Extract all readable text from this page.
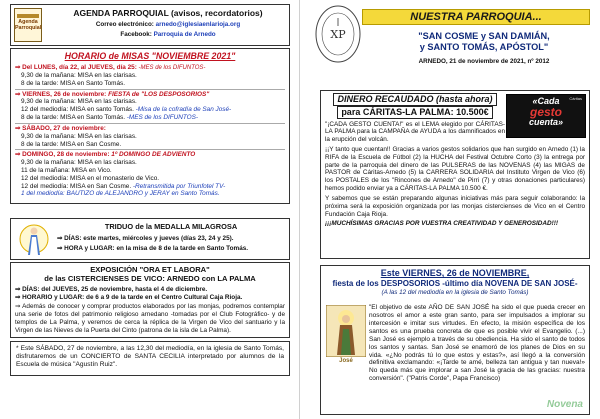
Agenda
Parroquial
AGENDA PARROQUIAL (avisos, recordatorios)
Correo electrónico: arnedo@iglesiaenlarioja.org
Facebook: Parroquia de Arnedo
HORARIO de MISAS "NOVIEMBRE 2021"
⇒ Del LUNES, día 22, al JUEVES, día 25: -MES de los DIFUNTOS-
9,30 de la mañana: MISA en las clarisas.
8 de la tarde: MISA en Santo Tomás.
⇒ VIERNES, 26 de noviembre: FIESTA de "LOS DESPOSORIOS"
9,30 de la mañana: MISA en las clarisas.
12 del mediodía: MISA en santo Tomás. -Misa de la cofradía de San José-
8 de la tarde: MISA en Santo Tomás. -MES de los DIFUNTOS-
⇒ SÁBADO, 27 de noviembre:
9,30 de la mañana: MISA en las clarisas.
8 de la tarde: MISA en San Cosme.
⇒ DOMINGO, 28 de noviembre: 1º DOMINGO DE ADVIENTO
9,30 de la mañana: MISA en las clarisas.
11 de la mañana: MISA en Vico.
12 del mediodía: MISA en el monasterio de Vico.
12 del mediodía: MISA en San Cosme. -Retransmitida por Triunfotel TV-
1 del mediodía: BAUTIZO de ALEJANDRO y JERAY en Santo Tomás.
TRIDUO de la MEDALLA MILAGROSA
⇒ DÍAS: este martes, miércoles y jueves (días 23, 24 y 25).
⇒ HORA y LUGAR: en la misa de 8 de la tarde en Santo Tomás.
EXPOSICIÓN "ORA ET LABORA"
de las CISTERCIENSES DE VICO: ARNEDO con LA PALMA

⇒ DÍAS: del JUEVES, 25 de noviembre, hasta el 4 de diciembre.

⇒ HORARIO y LUGAR: de 6 a 9 de la tarde en el Centro Cultural Caja Rioja.

⇒ Además de conocer y comprar productos elaborados por las monjas, podremos contemplar una serie de fotos del patrimonio religioso arnedano -tomadas por el Club Fotográfico- y de templos de La Palma, y veremos de cerca la réplica de la Virgen de Vico del santuario y la Virgen de las Nieves de la Puerta del Cinto (patrona de la isla de La Palma).

* Este SÁBADO, 27 de noviembre, a las 12,30 del mediodía, en la iglesia de Santo Tomás, disfrutaremos de un CONCIERTO de SANTA CECILIA interpretado por alumnos de la Escuela de música "Agustín Ruiz".
XP
NUESTRA PARROQUIA...
"SAN COSME y SAN DAMIÁN,
y SANTO TOMÁS, APÓSTOL"
ARNEDO, 21 de noviembre de 2021, nº 2012
DINERO RECAUDADO (hasta ahora)
para CÁRITAS-LA PALMA: 10.500€
Cáritas
«Cada
gesto
cuenta»
"¡CADA GESTO CUENTA!" es el LEMA elegido por CÁRITAS-LA PALMA para la CAMPAÑA de AYUDA a los damnificados en la erupción del volcán.
¡¡Y tanto que cuentan!! Gracias a varios gestos solidarios que han surgido en Arnedo (1) la RIFA de la Escuela de Fútbol (2) la HUCHA del Festival Octubre Corto (3) la entrega por parte de la parroquia del dinero de las PULSERAS de las NOVENAS (4) las MIGAS de PASTOR de Cáritas-Arnedo (5) la CARRERA SOLIDARIA del Instituto Virgen de Vico (6) los POSTALES de los "Rincones de Arnedo" de Pirri (7) y otras donaciones particulares) hemos podido enviar ya a CÁRITAS-LA PALMA 10.500 €.
Y sabemos que se están preparando algunas iniciativas más para seguir colaborando: la próxima será la exposición organizada por las monjas cistercienses de Vico en el Centro Fundación Caja Rioja.
¡¡¡MUCHÍSIMAS GRACIAS POR VUESTRA CREATIVIDAD Y GENEROSIDAD!!!
Este VIERNES, 26 de NOVIEMBRE,
fiesta de los DESPOSORIOS -último día NOVENA DE SAN JOSÉ-
(A las 12 del mediodía en la iglesia de Santo Tomás)
José
"El objetivo de este AÑO DE SAN JOSÉ ha sido el que pueda crecer en nosotros el amor a este gran santo, para ser impulsados a implorar su intercesión e imitar sus virtudes. En efecto, la misión específica de los santos es una prueba concreta de que es posible vivir el Evangelio. (...) San José es ejemplo a través de su obediencia. Ha sido el santo de todos los santos y santas. San José se enamoró de los planes de Dios en su vida. «¿No podrás tú lo que estos y estas?», así llegó a la conversión definitiva exclamando: «¡Tarde te amé, belleza tan antigua y tan nueva!» No queda más que implorar a san José la gracia de las gracias: nuestra conversión". ("Patris Corde", Papa Francisco)
Novena
